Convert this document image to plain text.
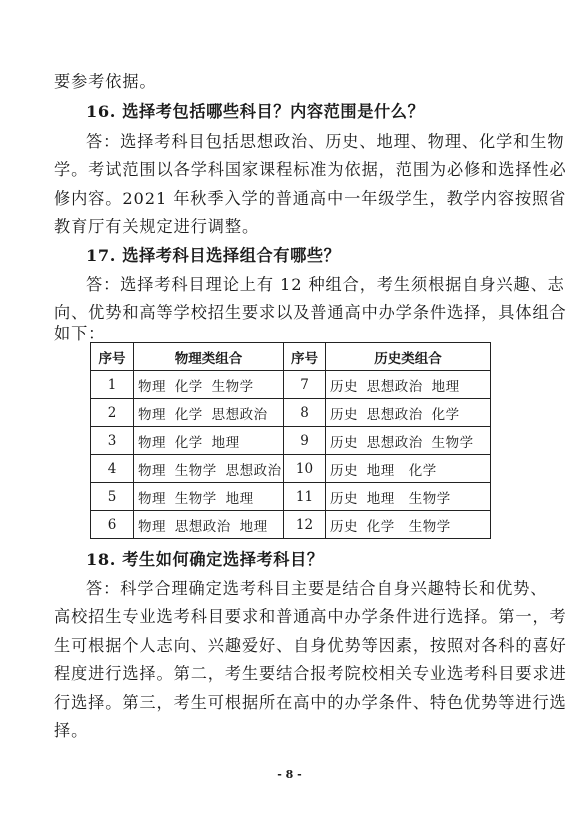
要参考依据。
16. 选择考包括哪些科目？内容范围是什么？
答：选择考科目包括思想政治、历史、地理、物理、化学和生物
学。考试范围以各学科国家课程标准为依据，范围为必修和选择性必
修内容。2021 年秋季入学的普通高中一年级学生，教学内容按照省
教育厅有关规定进行调整。
17. 选择考科目选择组合有哪些？
答：选择考科目理论上有 12 种组合，考生须根据自身兴趣、志
向、优势和高等学校招生要求以及普通高中办学条件选择，具体组合
如下：
序号	物理类组合	序号	历史类组合
1	物理 化学 生物学	7	历史 思想政治 地理
2	物理 化学 思想政治	8	历史 思想政治 化学
3	物理 化学 地理	9	历史 思想政治 生物学
4	物理 生物学 思想政治	10	历史 地理　化学
5	物理 生物学 地理	11	历史 地理　生物学
6	物理 思想政治 地理	12	历史 化学　生物学
18. 考生如何确定选择考科目？
答：科学合理确定选考科目主要是结合自身兴趣特长和优势、
高校招生专业选考科目要求和普通高中办学条件进行选择。第一，考
生可根据个人志向、兴趣爱好、自身优势等因素，按照对各科的喜好
程度进行选择。第二，考生要结合报考院校相关专业选考科目要求进
行选择。第三，考生可根据所在高中的办学条件、特色优势等进行选
择。
- 8 -
